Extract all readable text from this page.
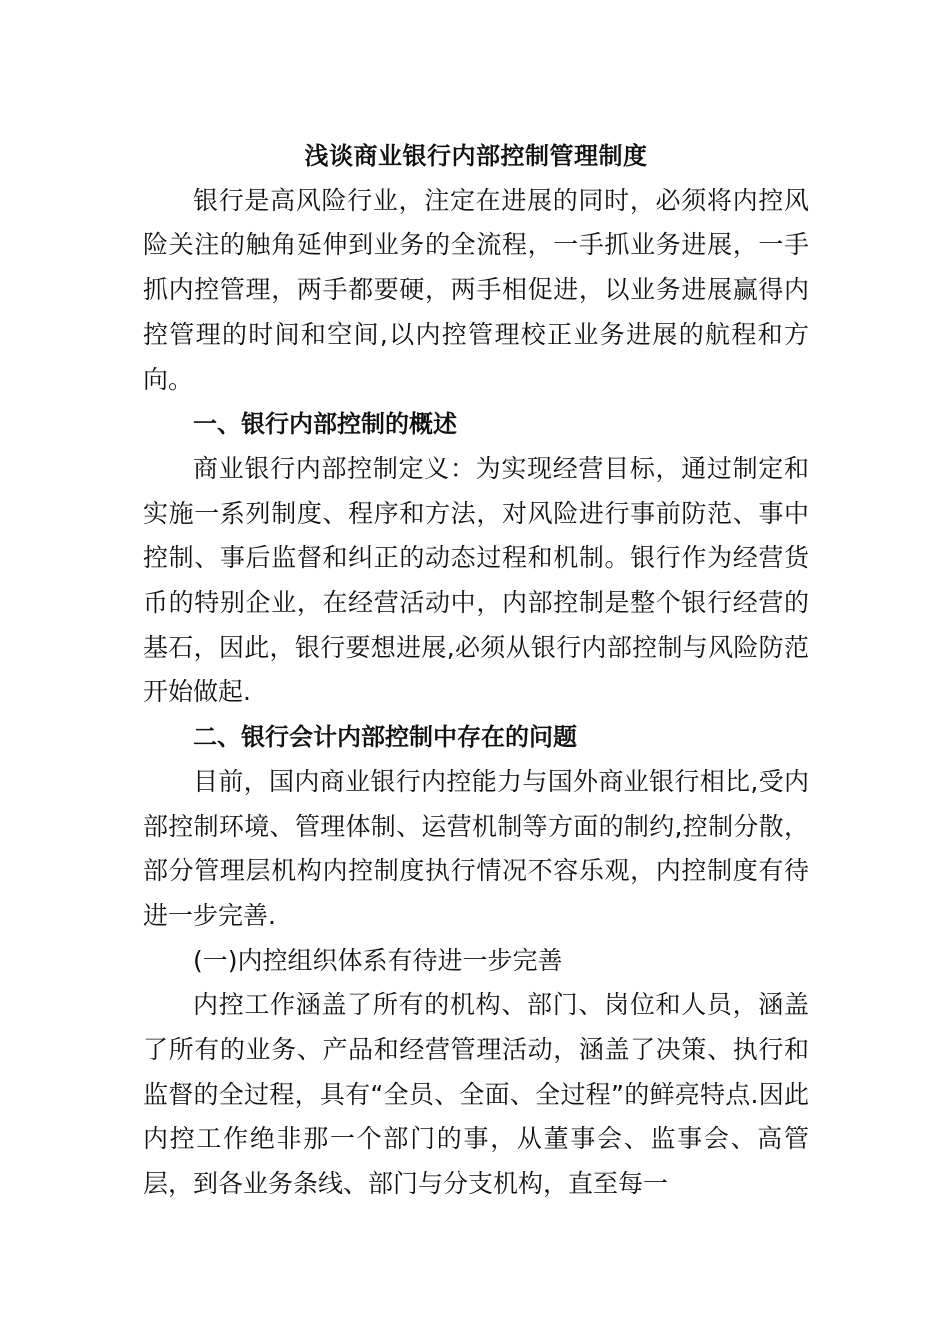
浅谈商业银行内部控制管理制度

银行是高风险行业，注定在进展的同时，必须将内控风险关注的触角延伸到业务的全流程，一手抓业务进展，一手抓内控管理，两手都要硬，两手相促进，以业务进展赢得内控管理的时间和空间,以内控管理校正业务进展的航程和方向。

一、银行内部控制的概述

商业银行内部控制定义：为实现经营目标，通过制定和实施一系列制度、程序和方法，对风险进行事前防范、事中控制、事后监督和纠正的动态过程和机制。银行作为经营货币的特别企业，在经营活动中，内部控制是整个银行经营的基石，因此，银行要想进展,必须从银行内部控制与风险防范开始做起.

二、银行会计内部控制中存在的问题

目前，国内商业银行内控能力与国外商业银行相比,受内部控制环境、管理体制、运营机制等方面的制约,控制分散，部分管理层机构内控制度执行情况不容乐观，内控制度有待进一步完善.

(一)内控组织体系有待进一步完善

内控工作涵盖了所有的机构、部门、岗位和人员，涵盖了所有的业务、产品和经营管理活动，涵盖了决策、执行和监督的全过程，具有“全员、全面、全过程”的鲜亮特点.因此内控工作绝非那一个部门的事，从董事会、监事会、高管层，到各业务条线、部门与分支机构，直至每一
